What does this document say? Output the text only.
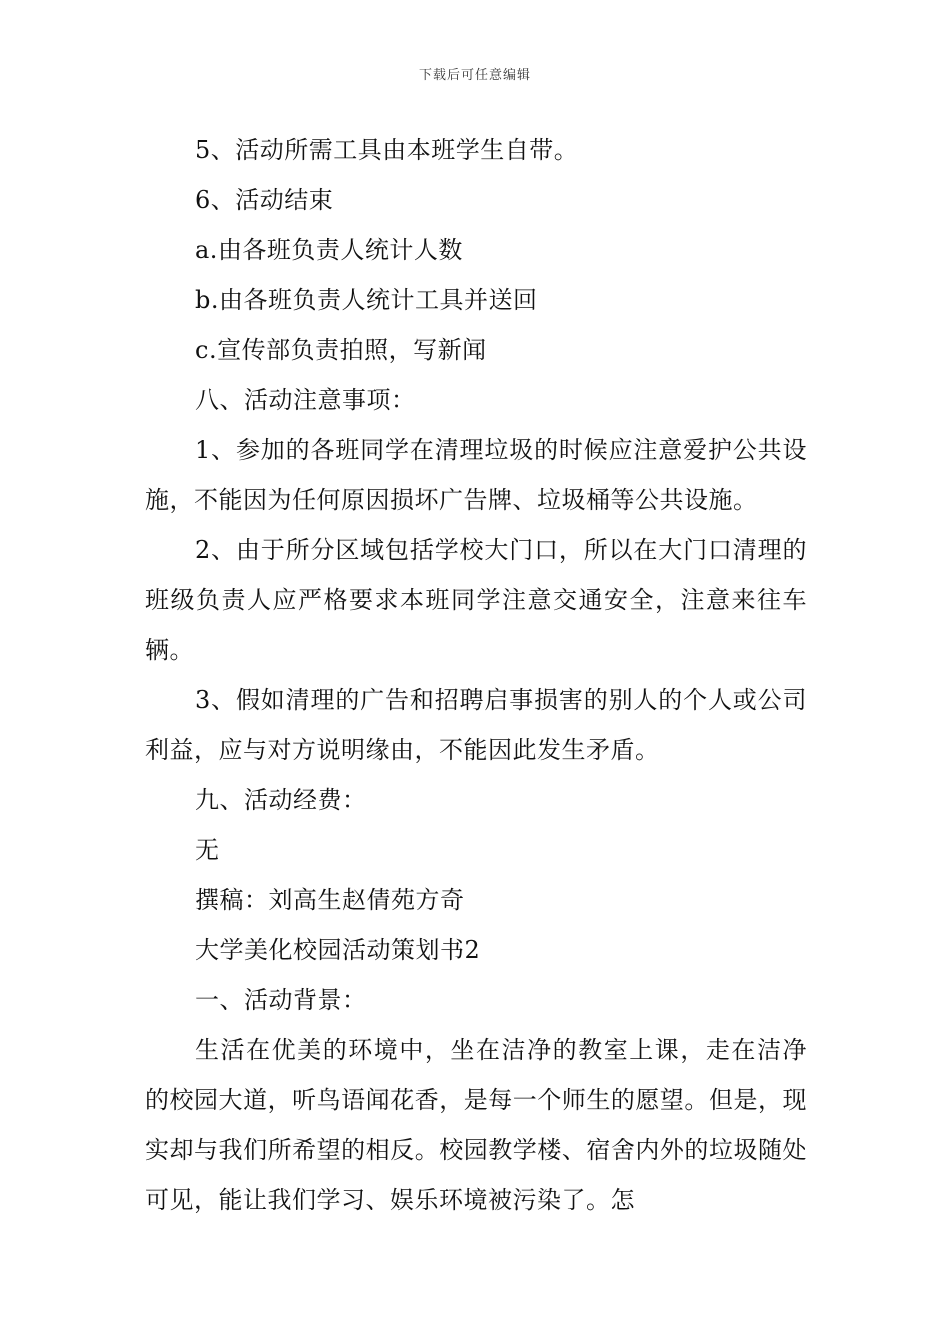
下载后可任意编辑

5、活动所需工具由本班学生自带。

6、活动结束

a.由各班负责人统计人数

b.由各班负责人统计工具并送回

c.宣传部负责拍照，写新闻

八、活动注意事项：

1、参加的各班同学在清理垃圾的时候应注意爱护公共设施，不能因为任何原因损坏广告牌、垃圾桶等公共设施。

2、由于所分区域包括学校大门口，所以在大门口清理的班级负责人应严格要求本班同学注意交通安全，注意来往车辆。

3、假如清理的广告和招聘启事损害的别人的个人或公司利益，应与对方说明缘由，不能因此发生矛盾。

九、活动经费：

无

撰稿：刘高生赵倩苑方奇

大学美化校园活动策划书2

一、活动背景：

生活在优美的环境中，坐在洁净的教室上课，走在洁净的校园大道，听鸟语闻花香，是每一个师生的愿望。但是，现实却与我们所希望的相反。校园教学楼、宿舍内外的垃圾随处可见，能让我们学习、娱乐环境被污染了。怎
